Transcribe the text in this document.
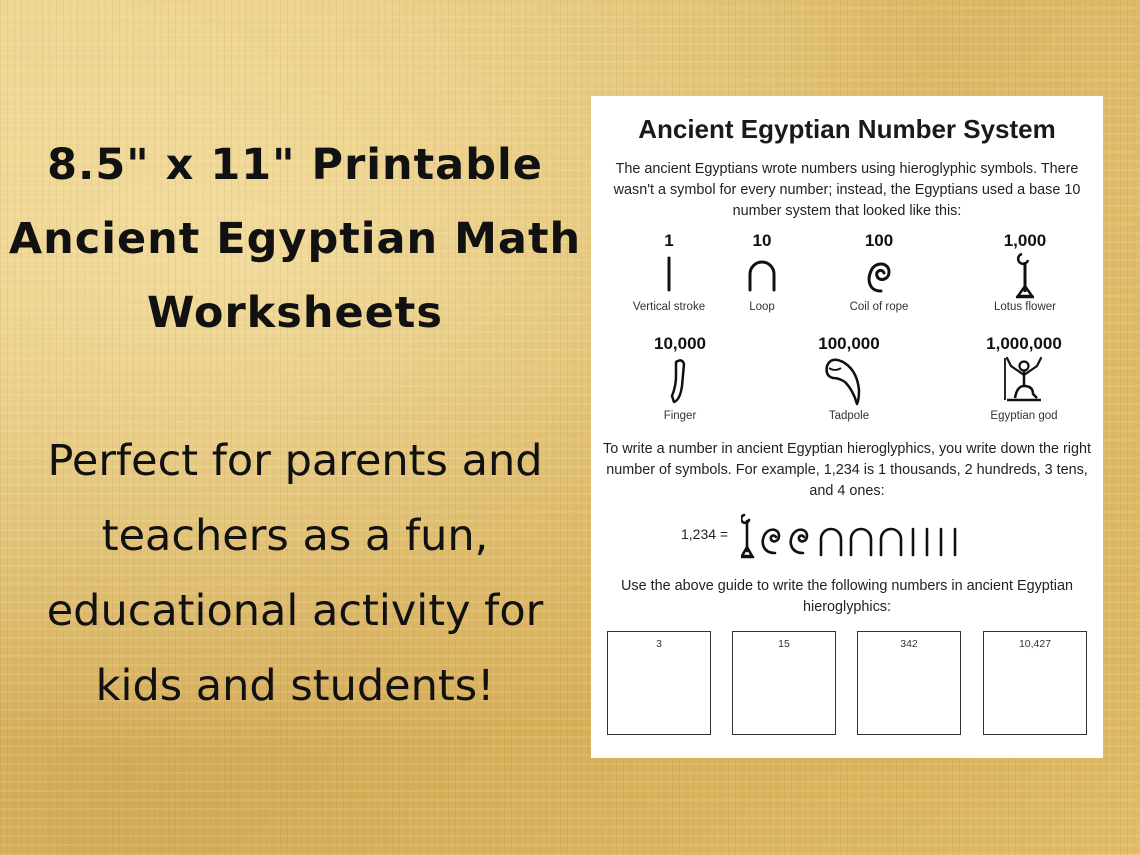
8.5" x 11" Printable Ancient Egyptian Math Worksheets

Perfect for parents and teachers as a fun, educational activity for kids and students!

Ancient Egyptian Number System
The ancient Egyptians wrote numbers using hieroglyphic symbols. There wasn't a symbol for every number; instead, the Egyptians used a base 10 number system that looked like this:
1
Vertical stroke
10
Loop
100
Coil of rope
1,000
Lotus flower
10,000
Finger
100,000
Tadpole
1,000,000
Egyptian god
To write a number in ancient Egyptian hieroglyphics, you write down the right number of symbols. For example, 1,234 is 1 thousands, 2 hundreds, 3 tens, and 4 ones:
1,234 =
Use the above guide to write the following numbers in ancient Egyptian hieroglyphics:
3	15	342	10,427
